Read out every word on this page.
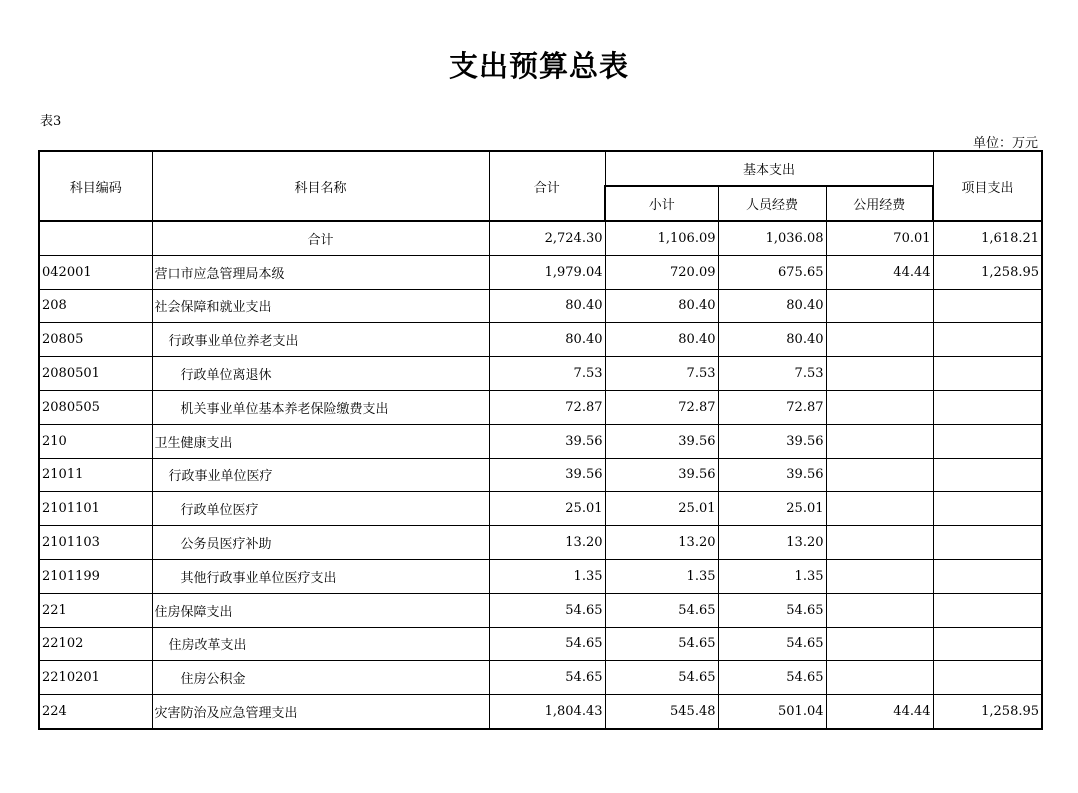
支出预算总表
表3
单位：万元
科目编码	科目名称	合计	基本支出			项目支出
			小计	人员经费	公用经费	
	合计	2,724.30	1,106.09	1,036.08	70.01	1,618.21
042001	营口市应急管理局本级	1,979.04	720.09	675.65	44.44	1,258.95
208	社会保障和就业支出	80.40	80.40	80.40		
20805	行政事业单位养老支出	80.40	80.40	80.40		
2080501	行政单位离退休	7.53	7.53	7.53		
2080505	机关事业单位基本养老保险缴费支出	72.87	72.87	72.87		
210	卫生健康支出	39.56	39.56	39.56		
21011	行政事业单位医疗	39.56	39.56	39.56		
2101101	行政单位医疗	25.01	25.01	25.01		
2101103	公务员医疗补助	13.20	13.20	13.20		
2101199	其他行政事业单位医疗支出	1.35	1.35	1.35		
221	住房保障支出	54.65	54.65	54.65		
22102	住房改革支出	54.65	54.65	54.65		
2210201	住房公积金	54.65	54.65	54.65		
224	灾害防治及应急管理支出	1,804.43	545.48	501.04	44.44	1,258.95
